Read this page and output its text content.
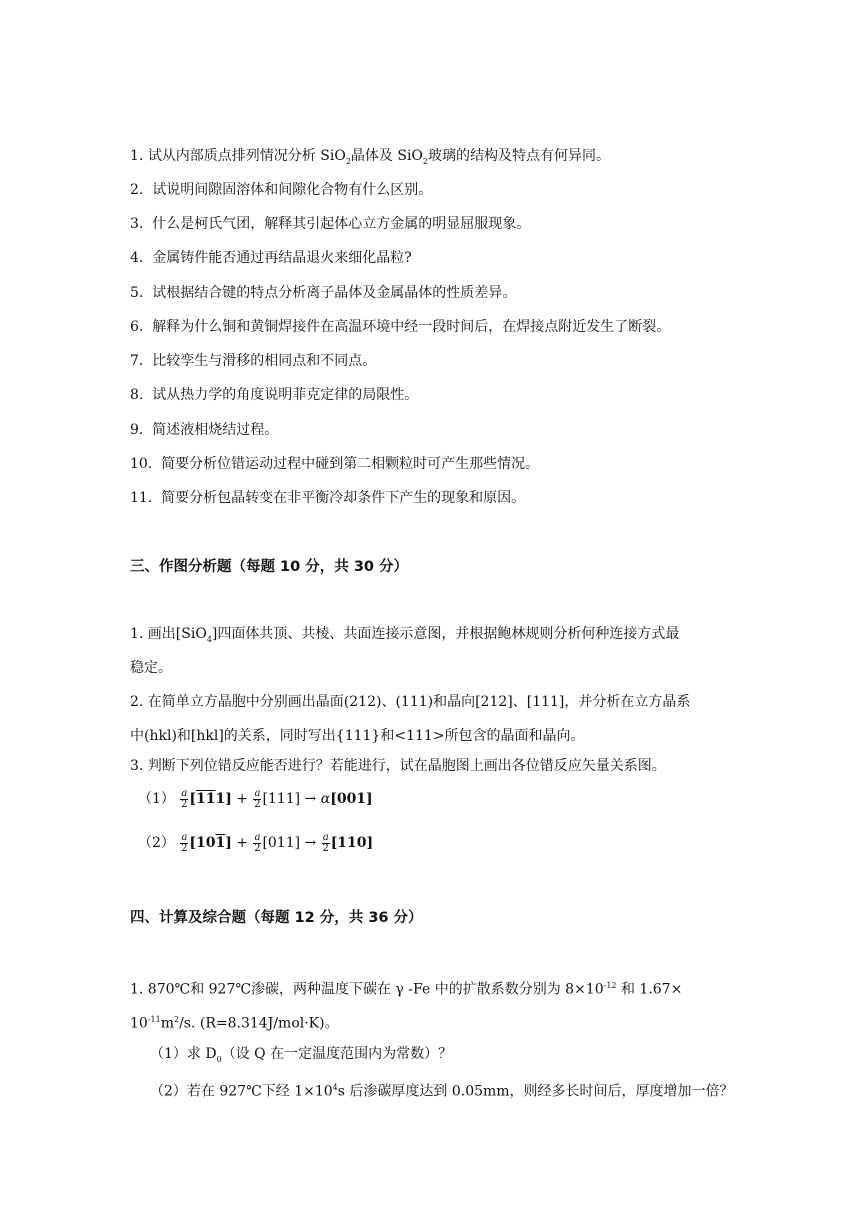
1. 试从内部质点排列情况分析 SiO$_2$晶体及 SiO$_2$玻璃的结构及特点有何异同。
2. 试说明间隙固溶体和间隙化合物有什么区别。
3. 什么是柯氏气团，解释其引起体心立方金属的明显屈服现象。
4. 金属铸件能否通过再结晶退火来细化晶粒?
5. 试根据结合键的特点分析离子晶体及金属晶体的性质差异。
6. 解释为什么铜和黄铜焊接件在高温环境中经一段时间后，在焊接点附近发生了断裂。
7. 比较孪生与滑移的相同点和不同点。
8. 试从热力学的角度说明菲克定律的局限性。
9. 简述液相烧结过程。
10. 简要分析位错运动过程中碰到第二相颗粒时可产生那些情况。
11. 简要分析包晶转变在非平衡冷却条件下产生的现象和原因。
三、作图分析题（每题 10 分，共 30 分）
1. 画出[SiO$_4$]四面体共顶、共棱、共面连接示意图，并根据鲍林规则分析何种连接方式最
稳定。
2. 在简单立方晶胞中分别画出晶面(212)、(111)和晶向[212]、[111]，并分析在立方晶系
中(hkl)和[hkl]的关系，同时写出{111}和<111>所包含的晶面和晶向。
3. 判断下列位错反应能否进行？若能进行，试在晶胞图上画出各位错反应矢量关系图。
$(1) \frac{a}{2} [111] + \frac{a}{2} [111] \to \alpha[001]$
$(2) \frac{a}{2} [101] + \frac{a}{2} [011] \to \frac{a}{2} [110]$
四、计算及综合题（每题 12 分，共 36 分）
1. 870℃和 927℃渗碳，两种温度下碳在 γ -Fe 中的扩散系数分别为 $8\times 10^{-12}$ 和 1.67×
$10^{-11}m^2/s$. (R=8.314J/mol·K)。
（1）求 $D_0$（设 Q 在一定温度范围内为常数）？
（2）若在 927℃下经 $1\times 10^4s$ 后渗碳厚度达到 0.05mm，则经多长时间后，厚度增加一倍？
